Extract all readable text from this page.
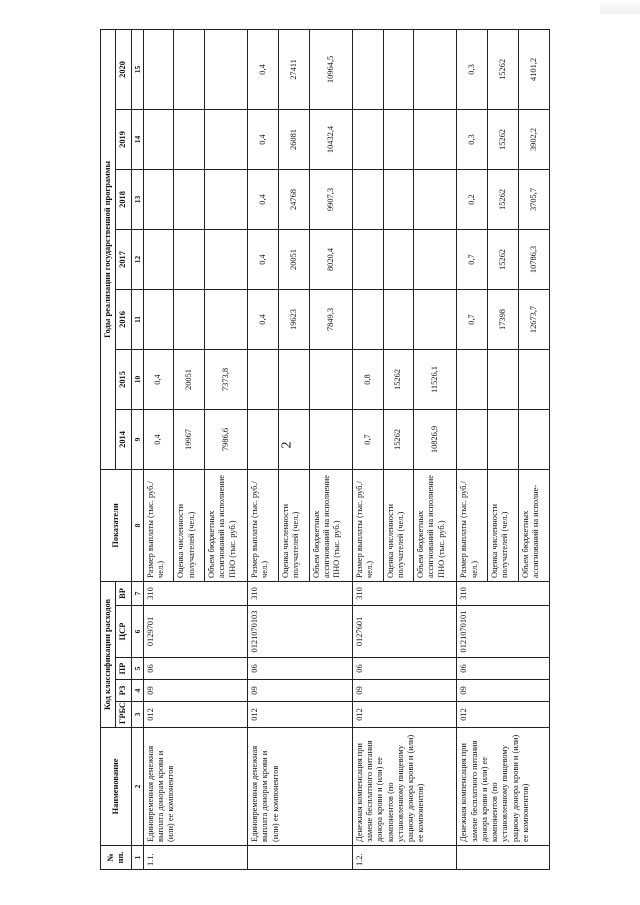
2
№ пп.	Наименование	Код классификации расходов					Показатели	Годы реализации государственной программы						
		ГРБС	РЗ	ПР	ЦСР	ВР		2014	2015	2016	2017	2018	2019	2020
1	2	3	4	5	6	7	8	9	10	11	12	13	14	15
1.1.	Единовременная денежная выплата донорам крови и (или) ее компонентов	012	09	06	0129701	310	Размер выплаты (тыс. руб./чел.)	0,4	0,4					
							Оценка численности получателей (чел.)	19967	20051					
							Объем бюджетных ассигнований на исполнение ПНО (тыс. руб.)	7986,6	7373,8					
	Единовременная денежная выплата донорам крови и (или) ее компонентов	012	09	06	0121070103	310	Размер выплаты (тыс. руб./чел.)			0,4	0,4	0,4	0,4	0,4
							Оценка численности получателей (чел.)			19623	20051	24768	26081	27411
							Объем бюджетных ассигнований на исполнение ПНО (тыс. руб.)			7849,3	8020,4	9907,3	10432,4	10964,5
1.2.	Денежная компенсация при замене бесплатного питания донора крови и (или) ее компонентов (по установленному пищевому рациону донора крови и (или) ее компонентов)	012	09	06	0127601	310	Размер выплаты (тыс. руб./чел.)	0,7	0,8					
							Оценка численности получателей (чел.)	15262	15262					
							Объем бюджетных ассигнований на исполнение ПНО (тыс. руб.)	10826,9	11526,1					
	Денежная компенсация при замене бесплатного питания донора крови и (или) ее компонентов (по установленному пищевому рациону донора крови и (или) ее компонентов)	012	09	06	0121070101	310	Размер выплаты (тыс. руб./чел.)			0,7	0,7	0,2	0,3	0,3
							Оценка численности получателей (чел.)			17398	15262	15262	15262	15262
							Объем бюджетных ассигнований на исполне-			12673,7	10786,3	3705,7	3902,2	4101,2
